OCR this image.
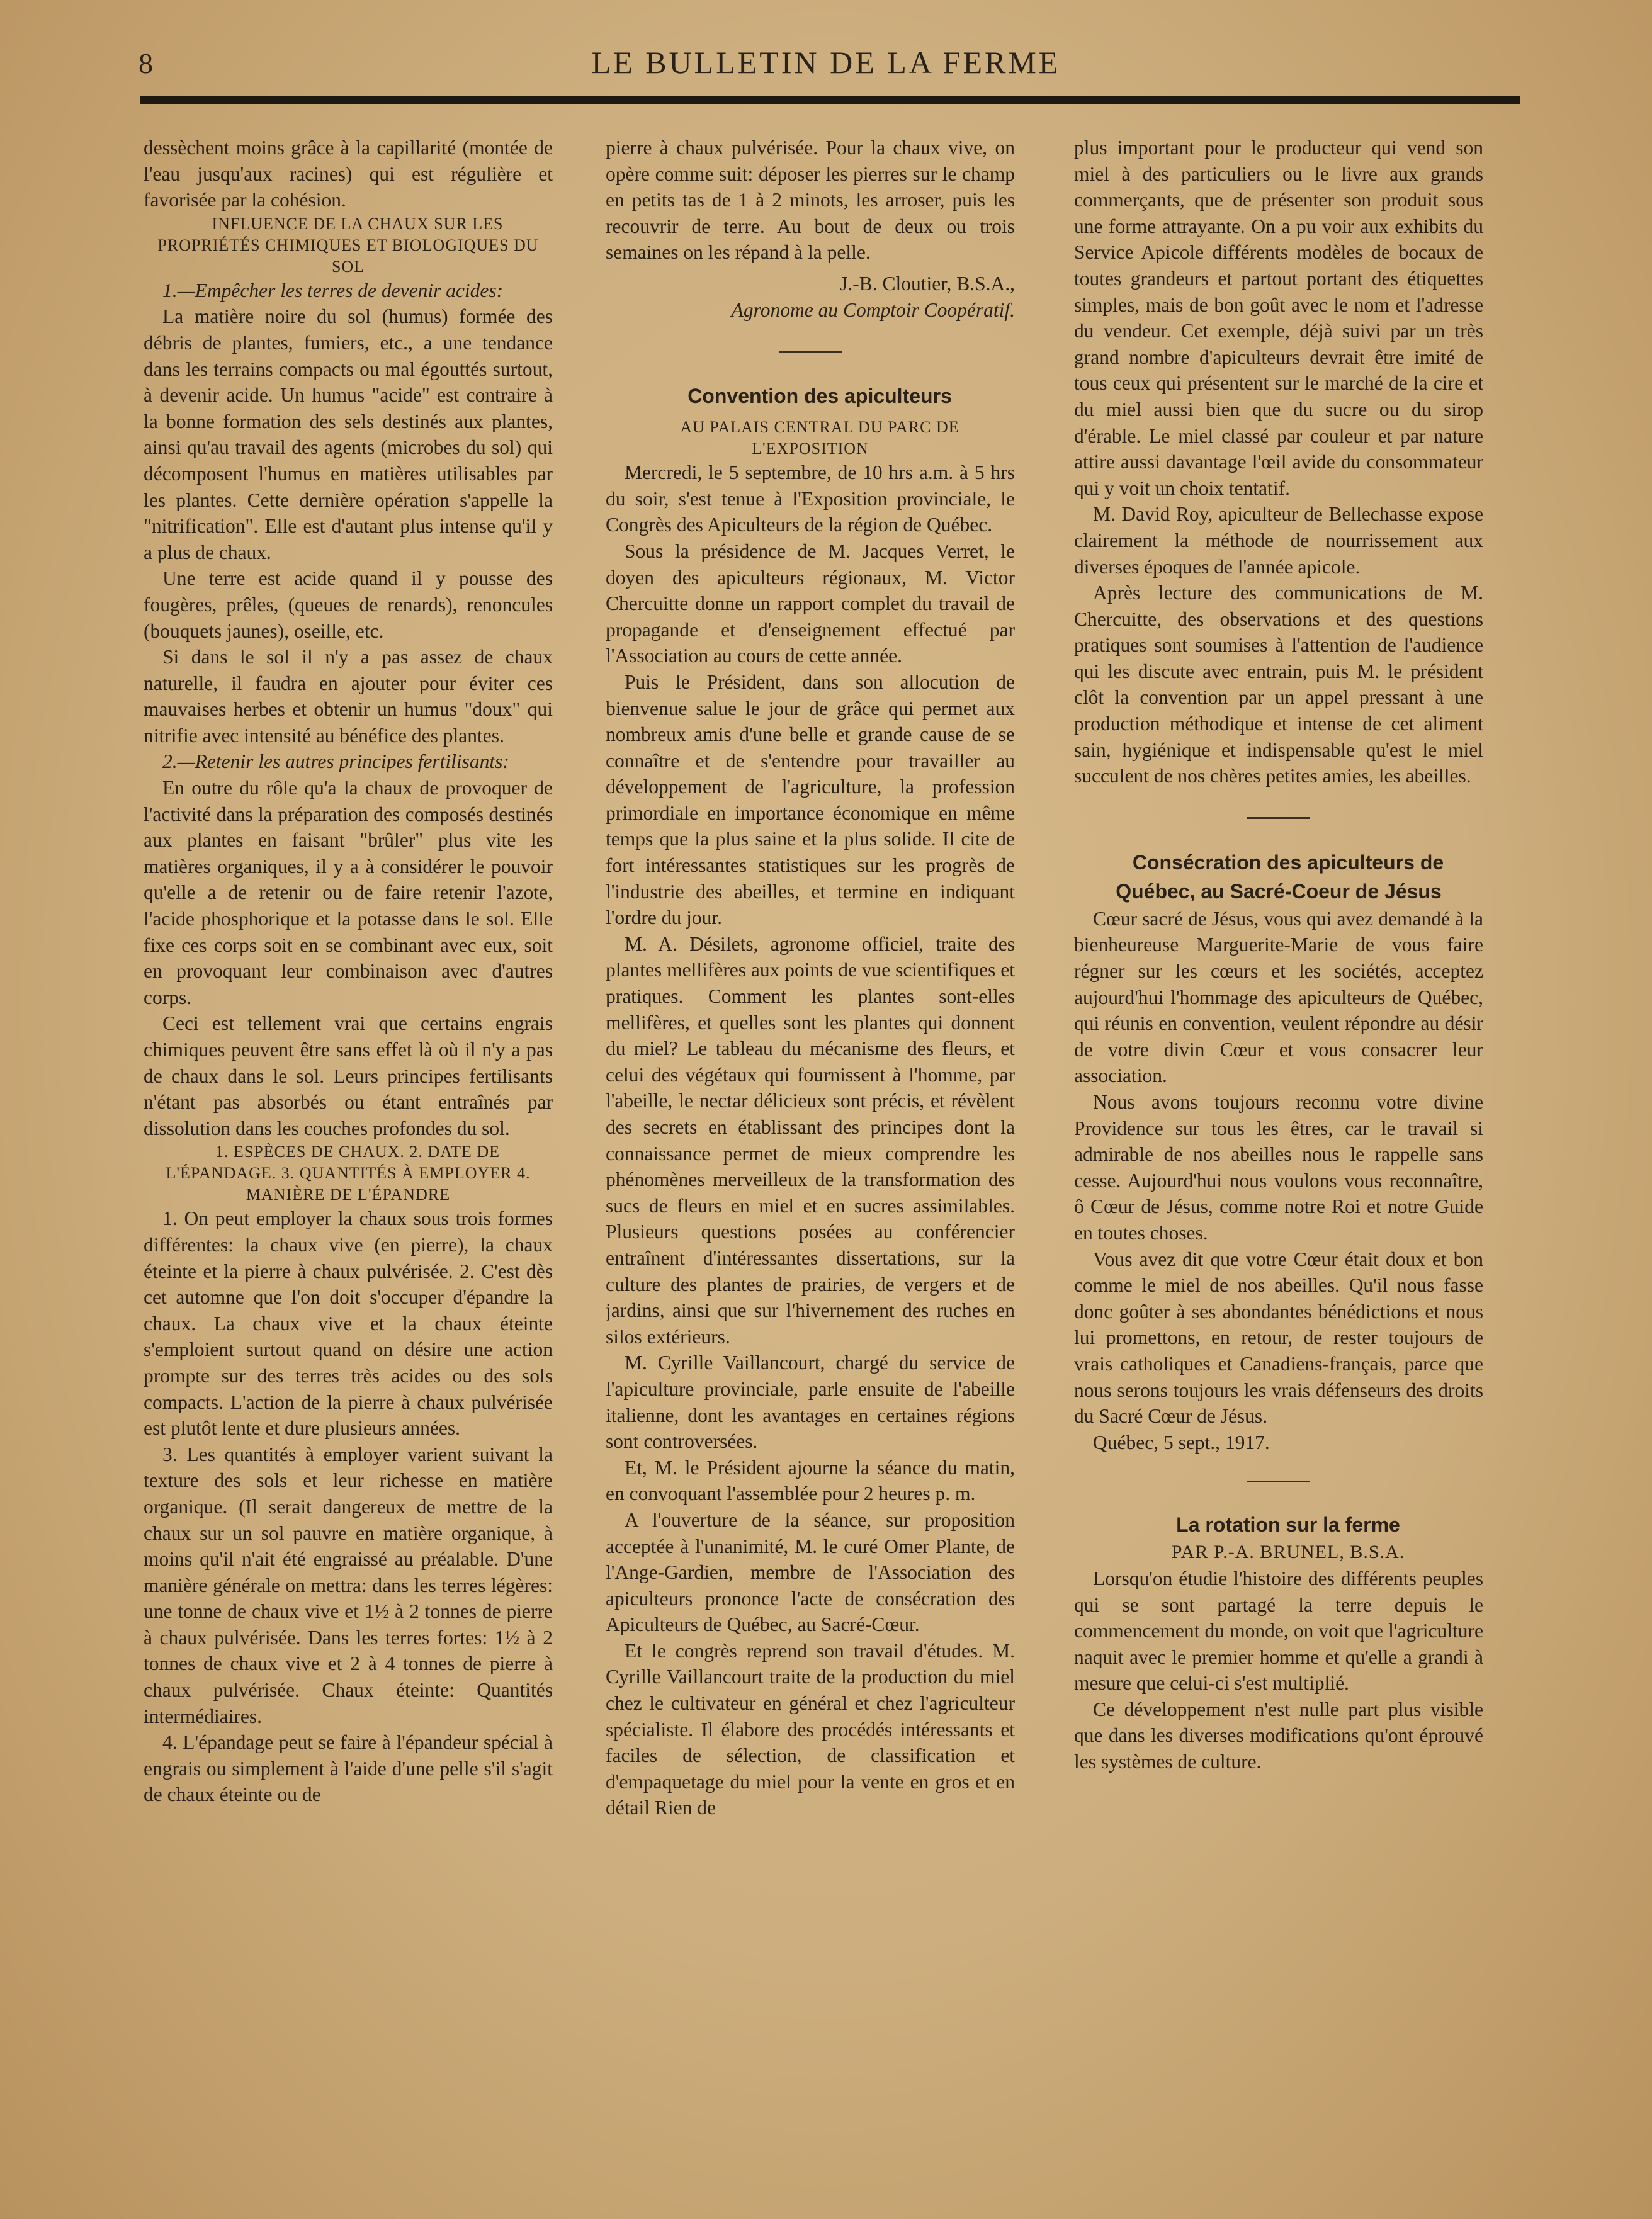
8	LE BULLETIN DE LA FERME

dessèchent moins grâce à la capillarité (montée de l'eau jusqu'aux racines) qui est régulière et favorisée par la cohésion.

INFLUENCE DE LA CHAUX SUR LES PROPRIÉTÉS CHIMIQUES ET BIOLOGIQUES DU SOL

1.—Empêcher les terres de devenir acides:

La matière noire du sol (humus) formée des débris de plantes, fumiers, etc., a une tendance dans les terrains compacts ou mal égouttés surtout, à devenir acide. Un humus "acide" est contraire à la bonne formation des sels destinés aux plantes, ainsi qu'au travail des agents (microbes du sol) qui décomposent l'humus en matières utilisables par les plantes. Cette dernière opération s'appelle la "nitrification". Elle est d'autant plus intense qu'il y a plus de chaux.

Une terre est acide quand il y pousse des fougères, prêles, (queues de renards), renoncules (bouquets jaunes), oseille, etc.

Si dans le sol il n'y a pas assez de chaux naturelle, il faudra en ajouter pour éviter ces mauvaises herbes et obtenir un humus "doux" qui nitrifie avec intensité au bénéfice des plantes.

2.—Retenir les autres principes fertilisants:

En outre du rôle qu'a la chaux de provoquer de l'activité dans la préparation des composés destinés aux plantes en faisant "brûler" plus vite les matières organiques, il y a à considérer le pouvoir qu'elle a de retenir ou de faire retenir l'azote, l'acide phosphorique et la potasse dans le sol. Elle fixe ces corps soit en se combinant avec eux, soit en provoquant leur combinaison avec d'autres corps.

Ceci est tellement vrai que certains engrais chimiques peuvent être sans effet là où il n'y a pas de chaux dans le sol. Leurs principes fertilisants n'étant pas absorbés ou étant entraînés par dissolution dans les couches profondes du sol.

1. ESPÈCES DE CHAUX. 2. DATE DE L'ÉPANDAGE. 3. QUANTITÉS À EMPLOYER 4. MANIÈRE DE L'ÉPANDRE

1. On peut employer la chaux sous trois formes différentes: la chaux vive (en pierre), la chaux éteinte et la pierre à chaux pulvérisée. 2. C'est dès cet automne que l'on doit s'occuper d'épandre la chaux. La chaux vive et la chaux éteinte s'emploient surtout quand on désire une action prompte sur des terres très acides ou des sols compacts. L'action de la pierre à chaux pulvérisée est plutôt lente et dure plusieurs années.

3. Les quantités à employer varient suivant la texture des sols et leur richesse en matière organique. (Il serait dangereux de mettre de la chaux sur un sol pauvre en matière organique, à moins qu'il n'ait été engraissé au préalable. D'une manière générale on mettra: dans les terres légères: une tonne de chaux vive et 1½ à 2 tonnes de pierre à chaux pulvérisée. Dans les terres fortes: 1½ à 2 tonnes de chaux vive et 2 à 4 tonnes de pierre à chaux pulvérisée. Chaux éteinte: Quantités intermédiaires.

4. L'épandage peut se faire à l'épandeur spécial à engrais ou simplement à l'aide d'une pelle s'il s'agit de chaux éteinte ou de

pierre à chaux pulvérisée. Pour la chaux vive, on opère comme suit: déposer les pierres sur le champ en petits tas de 1 à 2 minots, les arroser, puis les recouvrir de terre. Au bout de deux ou trois semaines on les répand à la pelle.

J.-B. Cloutier, B.S.A.,

Agronome au Comptoir Coopératif.

Convention des apiculteurs

AU PALAIS CENTRAL DU PARC DE L'EXPOSITION

Mercredi, le 5 septembre, de 10 hrs a.m. à 5 hrs du soir, s'est tenue à l'Exposition provinciale, le Congrès des Apiculteurs de la région de Québec.

Sous la présidence de M. Jacques Verret, le doyen des apiculteurs régionaux, M. Victor Chercuitte donne un rapport complet du travail de propagande et d'enseignement effectué par l'Association au cours de cette année.

Puis le Président, dans son allocution de bienvenue salue le jour de grâce qui permet aux nombreux amis d'une belle et grande cause de se connaître et de s'entendre pour travailler au développement de l'agriculture, la profession primordiale en importance économique en même temps que la plus saine et la plus solide. Il cite de fort intéressantes statistiques sur les progrès de l'industrie des abeilles, et termine en indiquant l'ordre du jour.

M. A. Désilets, agronome officiel, traite des plantes mellifères aux points de vue scientifiques et pratiques. Comment les plantes sont-elles mellifères, et quelles sont les plantes qui donnent du miel? Le tableau du mécanisme des fleurs, et celui des végétaux qui fournissent à l'homme, par l'abeille, le nectar délicieux sont précis, et révèlent des secrets en établissant des principes dont la connaissance permet de mieux comprendre les phénomènes merveilleux de la transformation des sucs de fleurs en miel et en sucres assimilables. Plusieurs questions posées au conférencier entraînent d'intéressantes dissertations, sur la culture des plantes de prairies, de vergers et de jardins, ainsi que sur l'hivernement des ruches en silos extérieurs.

M. Cyrille Vaillancourt, chargé du service de l'apiculture provinciale, parle ensuite de l'abeille italienne, dont les avantages en certaines régions sont controversées.

Et, M. le Président ajourne la séance du matin, en convoquant l'assemblée pour 2 heures p. m.

A l'ouverture de la séance, sur proposition acceptée à l'unanimité, M. le curé Omer Plante, de l'Ange-Gardien, membre de l'Association des apiculteurs prononce l'acte de consécration des Apiculteurs de Québec, au Sacré-Cœur.

Et le congrès reprend son travail d'études. M. Cyrille Vaillancourt traite de la production du miel chez le cultivateur en général et chez l'agriculteur spécialiste. Il élabore des procédés intéressants et faciles de sélection, de classification et d'empaquetage du miel pour la vente en gros et en détail Rien de

plus important pour le producteur qui vend son miel à des particuliers ou le livre aux grands commerçants, que de présenter son produit sous une forme attrayante. On a pu voir aux exhibits du Service Apicole différents modèles de bocaux de toutes grandeurs et partout portant des étiquettes simples, mais de bon goût avec le nom et l'adresse du vendeur. Cet exemple, déjà suivi par un très grand nombre d'apiculteurs devrait être imité de tous ceux qui présentent sur le marché de la cire et du miel aussi bien que du sucre ou du sirop d'érable. Le miel classé par couleur et par nature attire aussi davantage l'œil avide du consommateur qui y voit un choix tentatif.

M. David Roy, apiculteur de Bellechasse expose clairement la méthode de nourrissement aux diverses époques de l'année apicole.

Après lecture des communications de M. Chercuitte, des observations et des questions pratiques sont soumises à l'attention de l'audience qui les discute avec entrain, puis M. le président clôt la convention par un appel pressant à une production méthodique et intense de cet aliment sain, hygiénique et indispensable qu'est le miel succulent de nos chères petites amies, les abeilles.

Consécration des apiculteurs de Québec, au Sacré-Coeur de Jésus

Cœur sacré de Jésus, vous qui avez demandé à la bienheureuse Marguerite-Marie de vous faire régner sur les cœurs et les sociétés, acceptez aujourd'hui l'hommage des apiculteurs de Québec, qui réunis en convention, veulent répondre au désir de votre divin Cœur et vous consacrer leur association.

Nous avons toujours reconnu votre divine Providence sur tous les êtres, car le travail si admirable de nos abeilles nous le rappelle sans cesse. Aujourd'hui nous voulons vous reconnaître, ô Cœur de Jésus, comme notre Roi et notre Guide en toutes choses.

Vous avez dit que votre Cœur était doux et bon comme le miel de nos abeilles. Qu'il nous fasse donc goûter à ses abondantes bénédictions et nous lui promettons, en retour, de rester toujours de vrais catholiques et Canadiens-français, parce que nous serons toujours les vrais défenseurs des droits du Sacré Cœur de Jésus.

Québec, 5 sept., 1917.

La rotation sur la ferme

PAR P.-A. BRUNEL, B.S.A.

Lorsqu'on étudie l'histoire des différents peuples qui se sont partagé la terre depuis le commencement du monde, on voit que l'agriculture naquit avec le premier homme et qu'elle a grandi à mesure que celui-ci s'est multiplié.

Ce développement n'est nulle part plus visible que dans les diverses modifications qu'ont éprouvé les systèmes de culture.
